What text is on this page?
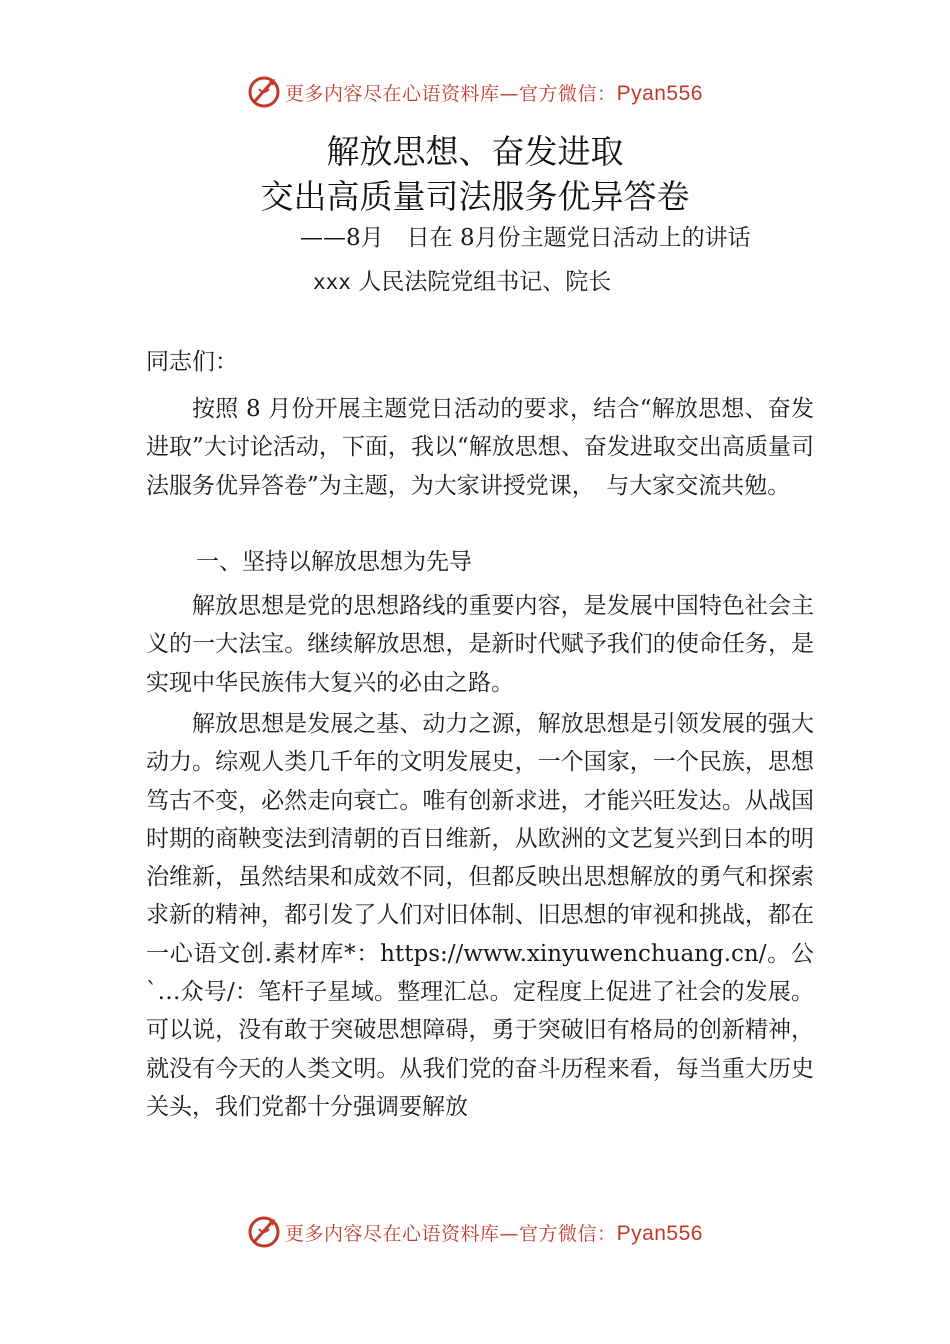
更多内容尽在心语资料库—官方微信：Pyan556
解放思想、奋发进取
交出高质量司法服务优异答卷
——8月　日在 8月份主题党日活动上的讲话
xxx 人民法院党组书记、院长
同志们：
按照 8 月份开展主题党日活动的要求，结合“解放思想、奋发进取”大讨论活动，下面，我以“解放思想、奋发进取交出高质量司法服务优异答卷”为主题，为大家讲授党课，　与大家交流共勉。
一、坚持以解放思想为先导
解放思想是党的思想路线的重要内容，是发展中国特色社会主义的一大法宝。继续解放思想，是新时代赋予我们的使命任务，是实现中华民族伟大复兴的必由之路。
解放思想是发展之基、动力之源，解放思想是引领发展的强大动力。综观人类几千年的文明发展史，一个国家，一个民族，思想笃古不变，必然走向衰亡。唯有创新求进，才能兴旺发达。从战国时期的商鞅变法到清朝的百日维新，从欧洲的文艺复兴到日本的明治维新，虽然结果和成效不同，但都反映出思想解放的勇气和探索求新的精神，都引发了人们对旧体制、旧思想的审视和挑战，都在一心语文创.素材库*：https://www.xinyuwenchuang.cn/。公`…众号/：笔杆子星域。整理汇总。定程度上促进了社会的发展。可以说，没有敢于突破思想障碍，勇于突破旧有格局的创新精神，就没有今天的人类文明。从我们党的奋斗历程来看，每当重大历史关头，我们党都十分强调要解放
更多内容尽在心语资料库—官方微信：Pyan556
